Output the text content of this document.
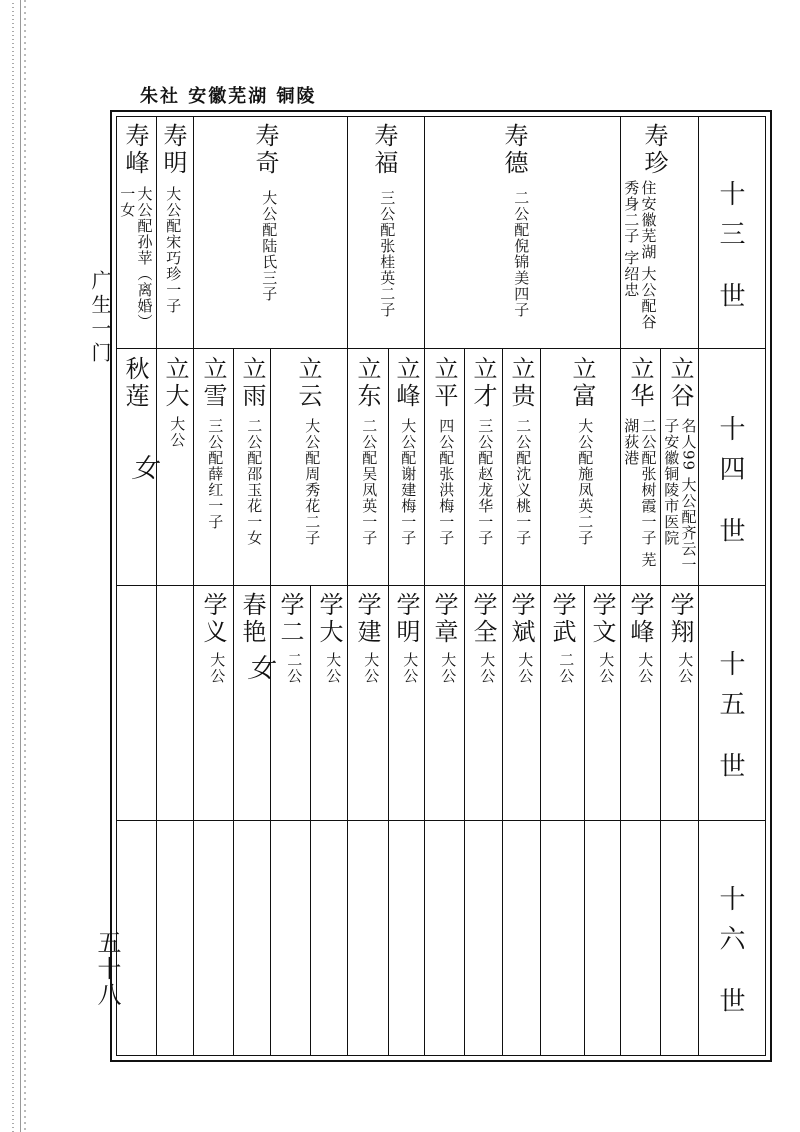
朱社 安徽芜湖 铜陵
广生一门
五十八
十三 世
十四 世
十五 世
十六 世
寿珍
住安徽芜湖 大公配谷秀身二子 字绍忠
寿德
二公配倪锦美四子
寿福
三公配张桂英二子
寿奇
大公配陆氏三子
寿明
大公配宋巧珍一子
寿峰
大公配孙苹（离婚） 一女
立谷
名人99 大公配齐云一 子安徽铜陵市医院
立华
二公配张树霞一子 芜湖荻港
立富
大公配施凤英二子
立贵
二公配沈义桃一子
立才
三公配赵龙华一子
立平
四公配张洪梅一子
立峰
大公配谢建梅一子
立东
二公配吴凤英一子
立云
大公配周秀花二子
立雨
二公配邵玉花一女
立雪
三公配薛红一子
立大
大公
秋莲
女
学翔
大公
学峰
大公
学文
大公
学武
二公
学斌
大公
学全
大公
学章
大公
学明
大公
学建
大公
学大
大公
学二
二公
春艳
女
学义
大公
